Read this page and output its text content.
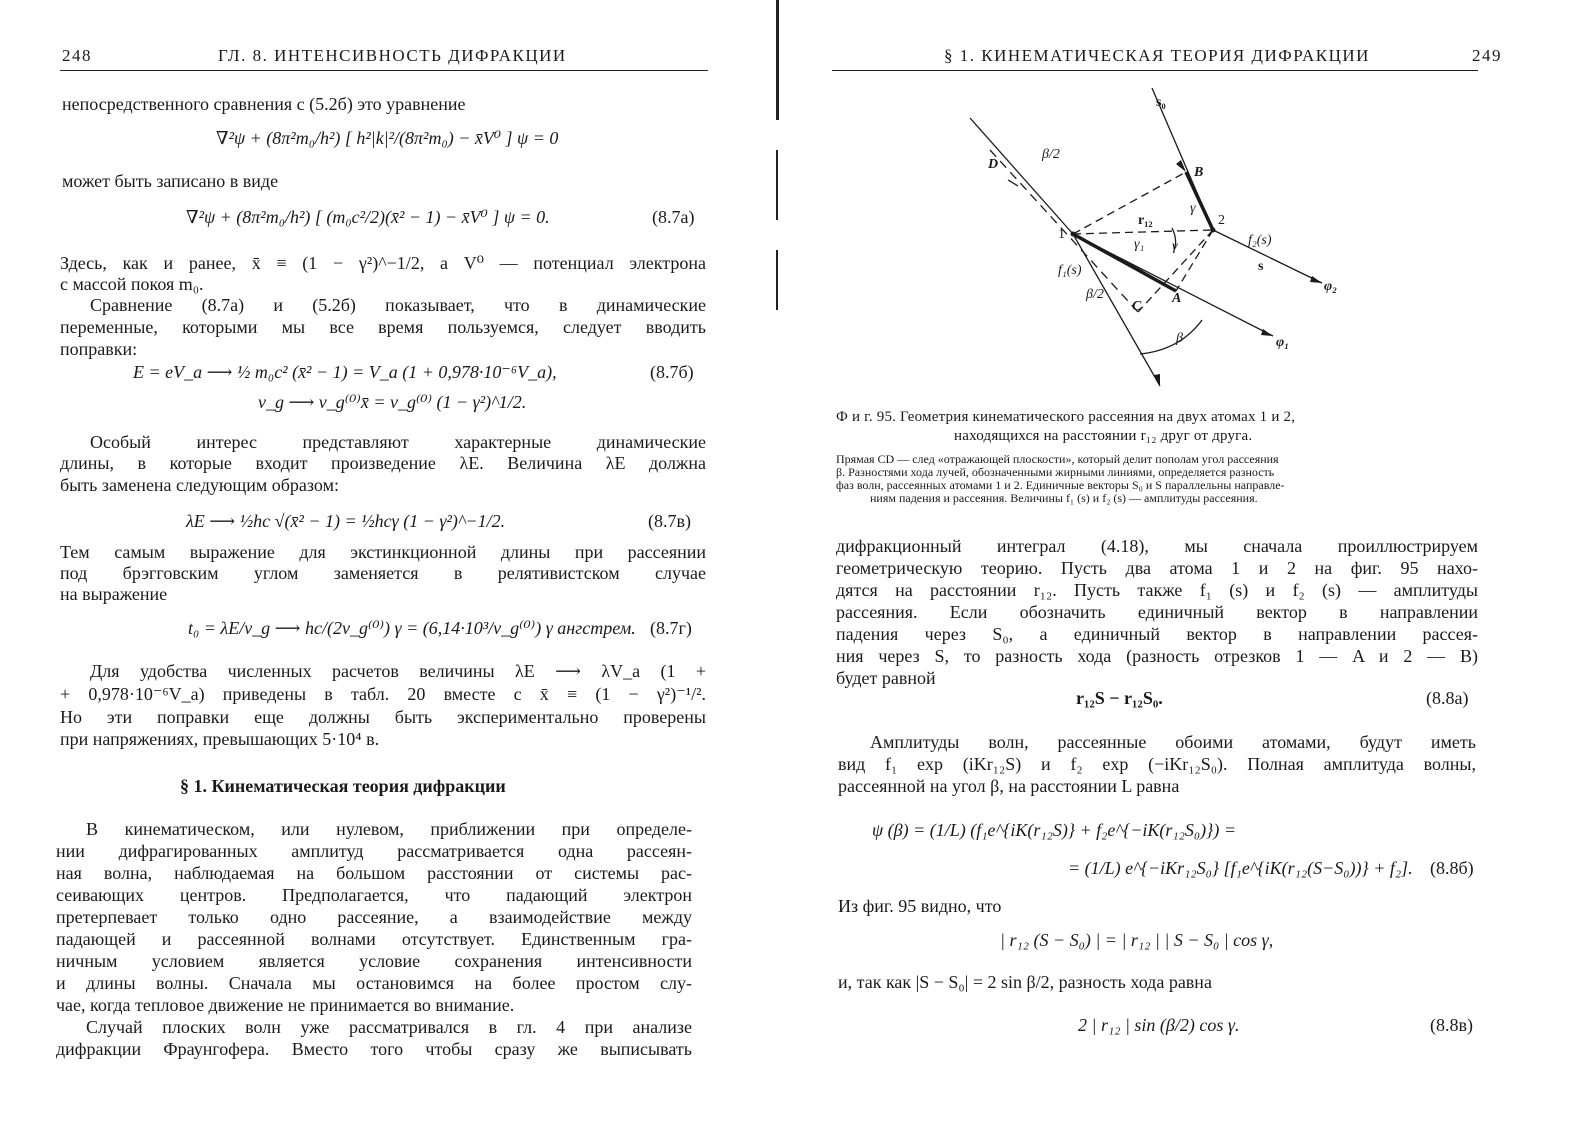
248	ГЛ. 8. ИНТЕНСИВНОСТЬ ДИФРАКЦИИ
непосредственного сравнения с (5.2б) это уравнение
∇²ψ + (8π²m₀/h²) [ h²|k|²/(8π²m₀) − x̄V⁰ ] ψ = 0
может быть записано в виде
∇²ψ + (8π²m₀/h²) [ (m₀c²/2)(x̄² − 1) − x̄V⁰ ] ψ = 0.	(8.7а)
Здесь, как и ранее, x̄ ≡ (1 − γ²)^−1/2, а V⁰ — потенциал электрона
с массой покоя m₀.
Сравнение (8.7а) и (5.2б) показывает, что в динамические
переменные, которыми мы все время пользуемся, следует вводить
поправки:
E = eV_a ⟶ ½ m₀c² (x̄² − 1) = V_a (1 + 0,978·10⁻⁶V_a),	(8.7б)
v_g ⟶ v_g⁽⁰⁾x̄ = v_g⁽⁰⁾ (1 − γ²)^1/2.
Особый интерес представляют характерные динамические
длины, в которые входит произведение λE. Величина λE должна
быть заменена следующим образом:
λE ⟶ ½hc √(x̄² − 1) = ½hcγ (1 − γ²)^−1/2.	(8.7в)
Тем самым выражение для экстинкционной длины при рассеянии
под брэгговским углом заменяется в релятивистском случае
на выражение
t₀ = λE/v_g ⟶ hc/(2v_g⁽⁰⁾) γ = (6,14·10³/v_g⁽⁰⁾) γ ангстрем. (8.7г)
Для удобства численных расчетов величины λE ⟶ λV_a (1 +
+ 0,978·10⁻⁶V_a) приведены в табл. 20 вместе с x̄ ≡ (1 − γ²)⁻¹/².
Но эти поправки еще должны быть экспериментально проверены
при напряжениях, превышающих 5·10⁴ в.
§ 1. Кинематическая теория дифракции
В кинематическом, или нулевом, приближении при определе-
нии дифрагированных амплитуд рассматривается одна рассеян-
ная волна, наблюдаемая на большом расстоянии от системы рас-
сеивающих центров. Предполагается, что падающий электрон
претерпевает только одно рассеяние, а взаимодействие между
падающей и рассеянной волнами отсутствует. Единственным гра-
ничным условием является условие сохранения интенсивности
и длины волны. Сначала мы остановимся на более простом слу-
чае, когда тепловое движение не принимается во внимание.
Случай плоских волн уже рассматривался в гл. 4 при анализе
дифракции Фраунгофера. Вместо того чтобы сразу же выписывать
§ 1. КИНЕМАТИЧЕСКАЯ ТЕОРИЯ ДИФРАКЦИИ	249
s₀
B
D
β/2
γ
r₁₂
1
2
γ₁ γ	f₂(s)
s
φ₂
f₁(s)
β/2
C
A
β	φ₁
Ф и г. 95. Геометрия кинематического рассеяния на двух атомах 1 и 2,
находящихся на расстоянии r₁₂ друг от друга.
Прямая CD — след «отражающей плоскости», который делит пополам угол рассеяния
β. Разностями хода лучей, обозначенными жирными линиями, определяется разность
фаз волн, рассеянных атомами 1 и 2. Единичные векторы S₀ и S параллельны направле-
ниям падения и рассеяния. Величины f₁ (s) и f₂ (s) — амплитуды рассеяния.
дифракционный интеграл (4.18), мы сначала проиллюстрируем
геометрическую теорию. Пусть два атома 1 и 2 на фиг. 95 нахо-
дятся на расстоянии r₁₂. Пусть также f₁ (s) и f₂ (s) — амплитуды
рассеяния. Если обозначить единичный вектор в направлении
падения через S₀, а единичный вектор в направлении рассея-
ния через S, то разность хода (разность отрезков 1 — A и 2 — B)
будет равной
r₁₂S − r₁₂S₀.	(8.8а)
Амплитуды волн, рассеянные обоими атомами, будут иметь
вид f₁ exp (iKr₁₂S) и f₂ exp (−iKr₁₂S₀). Полная амплитуда волны,
рассеянной на угол β, на расстоянии L равна
ψ (β) = (1/L) (f₁e^{iK(r₁₂S)} + f₂e^{−iK(r₁₂S₀)}) =
= (1/L) e^{−iKr₁₂S₀} [f₁e^{iK(r₁₂(S−S₀))} + f₂]. (8.8б)
Из фиг. 95 видно, что
| r₁₂ (S − S₀) | = | r₁₂ | | S − S₀ | cos γ,
и, так как |S − S₀| = 2 sin β/2, разность хода равна
2 | r₁₂ | sin (β/2) cos γ.	(8.8в)
